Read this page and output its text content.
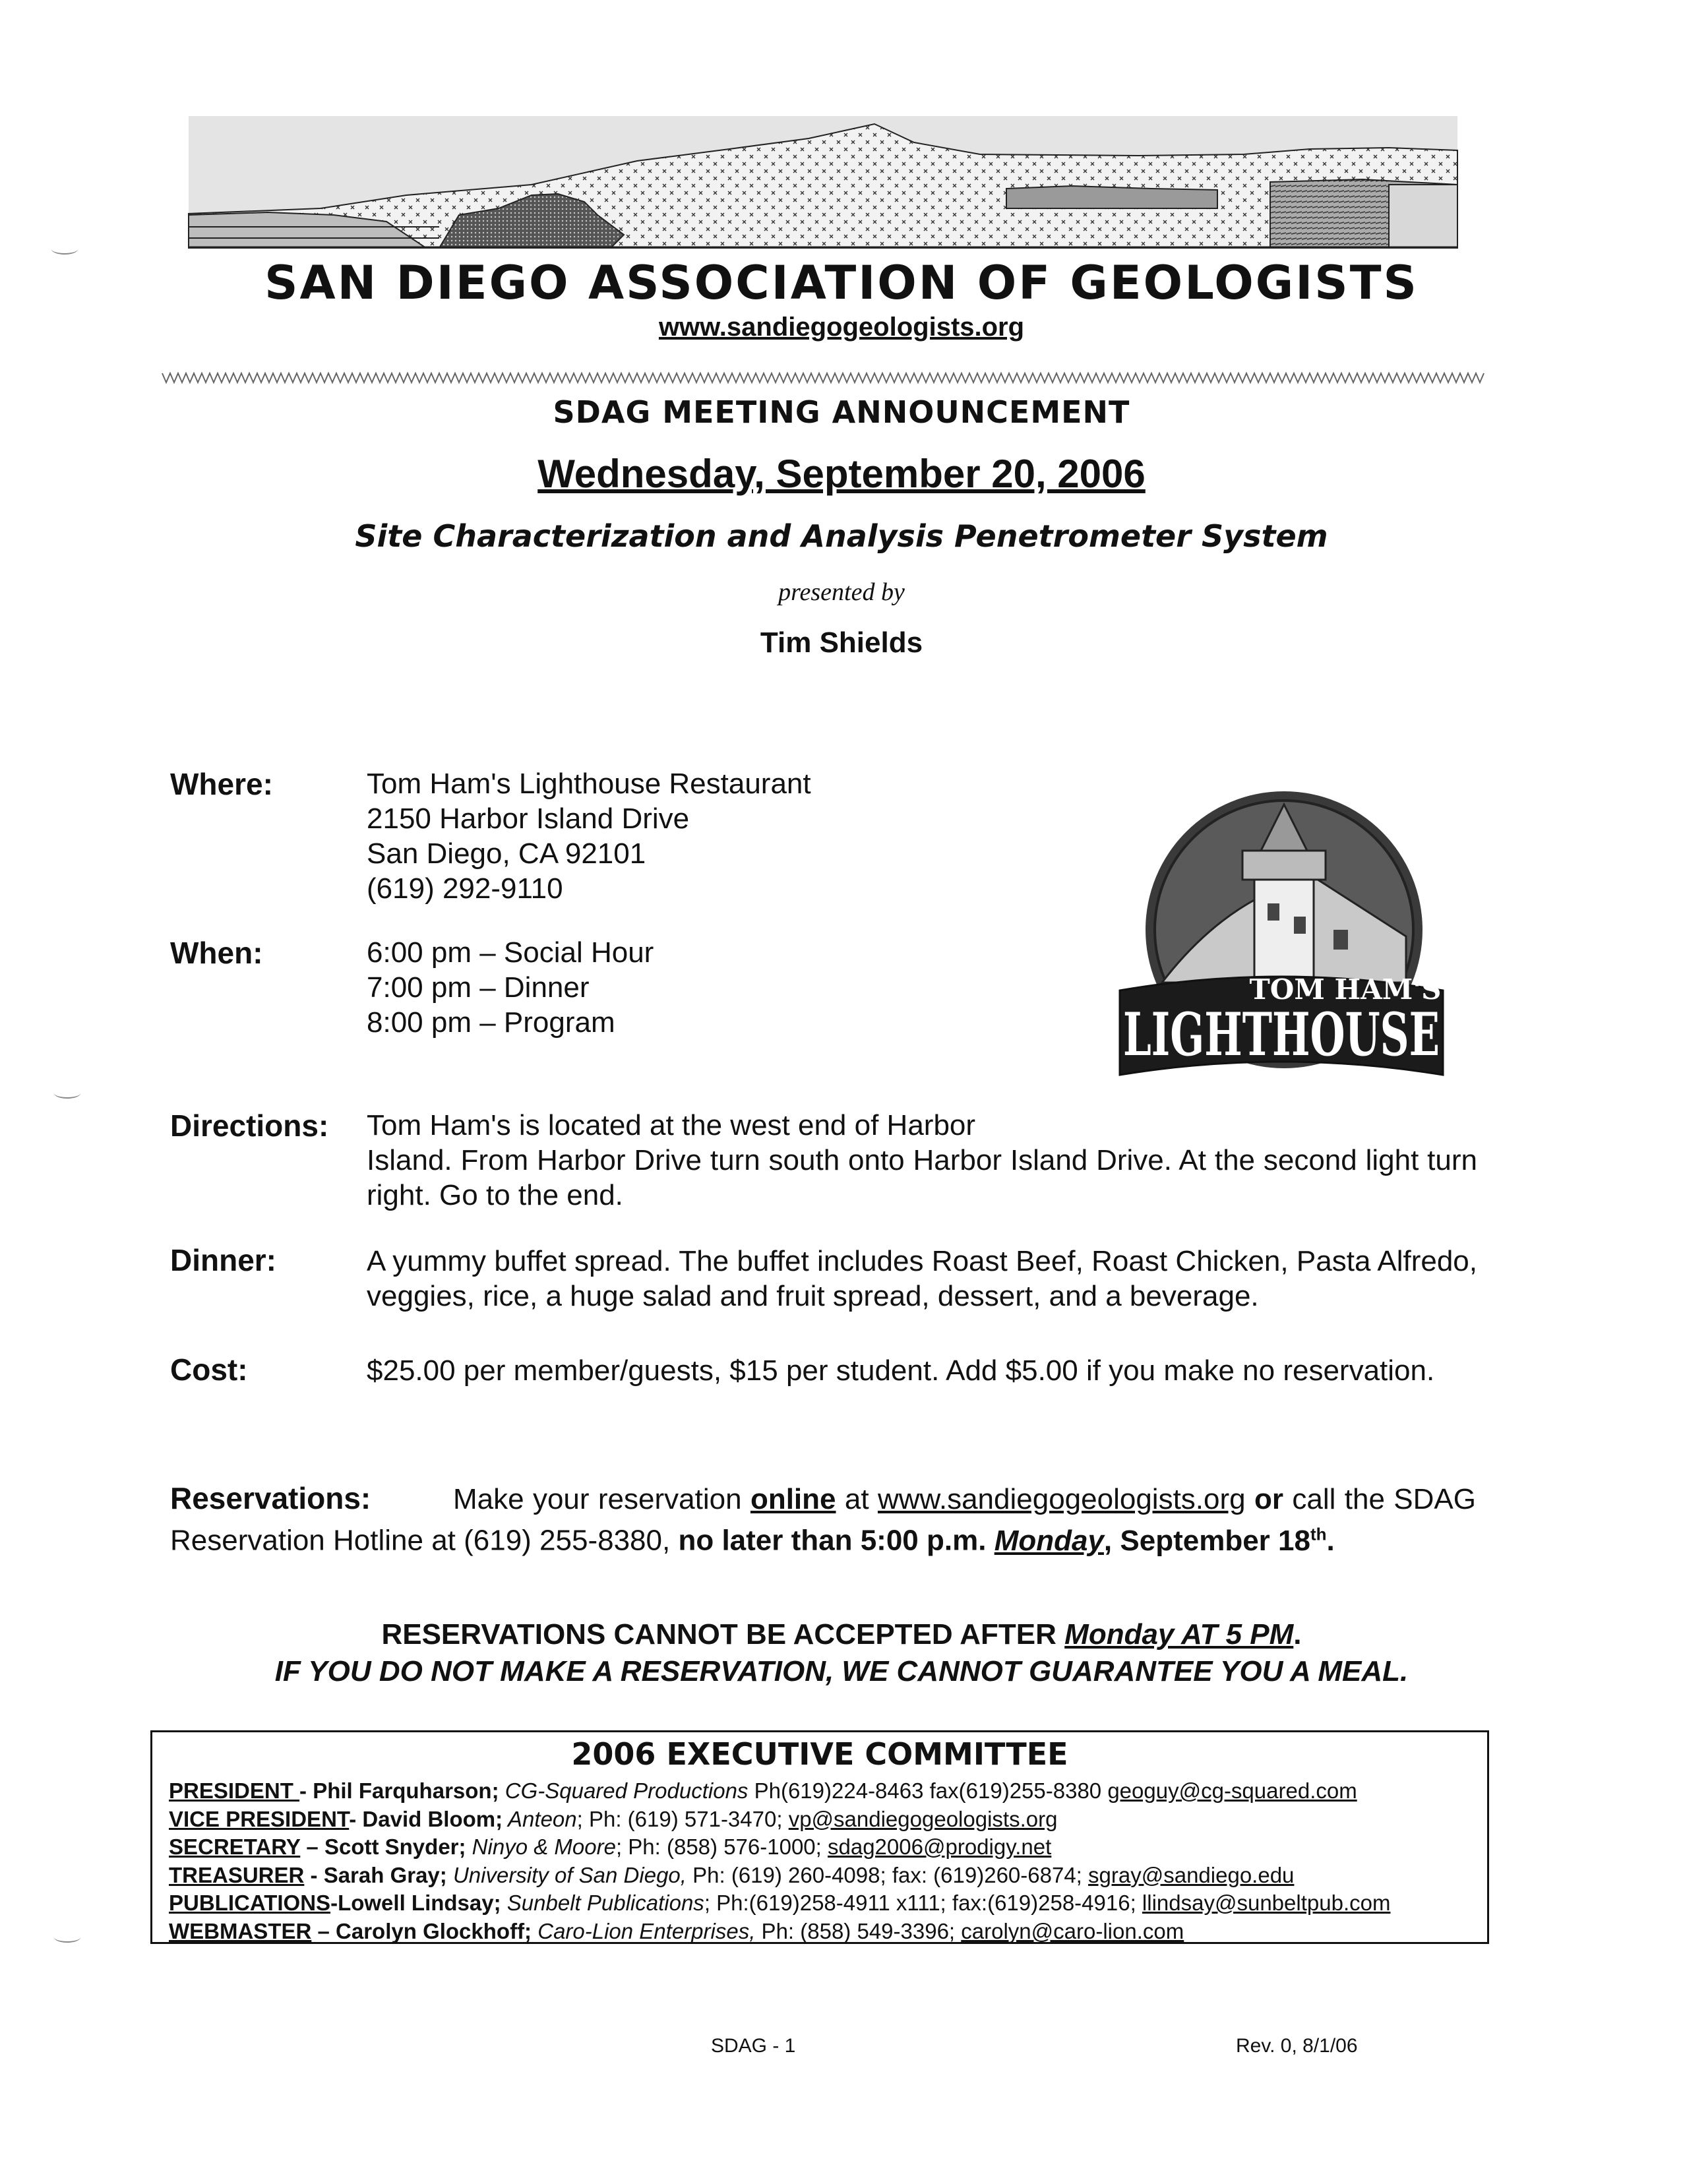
SAN DIEGO ASSOCIATION OF GEOLOGISTS
www.sandiegogeologists.org
SDAG MEETING ANNOUNCEMENT
Wednesday, September 20, 2006
Site Characterization and Analysis Penetrometer System
presented by
Tim Shields
Where:	Tom Ham's Lighthouse Restaurant
2150 Harbor Island Drive
San Diego, CA 92101
(619) 292-9110
When:	6:00 pm – Social Hour
7:00 pm – Dinner
8:00 pm – Program
TOM HAM'S
LIGHTHOUSE
Directions: Tom Ham's is located at the west end of Harbor
Island. From Harbor Drive turn south onto Harbor Island Drive. At the second light turn right. Go to the end.
Dinner:	A yummy buffet spread. The buffet includes Roast Beef, Roast Chicken, Pasta Alfredo, veggies, rice, a huge salad and fruit spread, dessert, and a beverage.
Cost:	$25.00 per member/guests, $15 per student. Add $5.00 if you make no reservation.
Reservations:	Make your reservation online at www.sandiegogeologists.org or call the SDAG Reservation Hotline at (619) 255-8380, no later than 5:00 p.m. Monday, September 18th.
RESERVATIONS CANNOT BE ACCEPTED AFTER Monday AT 5 PM.
IF YOU DO NOT MAKE A RESERVATION, WE CANNOT GUARANTEE YOU A MEAL.
2006 EXECUTIVE COMMITTEE
PRESIDENT - Phil Farquharson; CG-Squared Productions Ph(619)224-8463 fax(619)255-8380 geoguy@cg-squared.com
VICE PRESIDENT- David Bloom; Anteon; Ph: (619) 571-3470; vp@sandiegogeologists.org
SECRETARY – Scott Snyder; Ninyo & Moore; Ph: (858) 576-1000; sdag2006@prodigy.net
TREASURER - Sarah Gray; University of San Diego, Ph: (619) 260-4098; fax: (619)260-6874; sgray@sandiego.edu
PUBLICATIONS-Lowell Lindsay; Sunbelt Publications; Ph:(619)258-4911 x111; fax:(619)258-4916; llindsay@sunbeltpub.com
WEBMASTER – Carolyn Glockhoff; Caro-Lion Enterprises, Ph: (858) 549-3396; carolyn@caro-lion.com
SDAG - 1	Rev. 0, 8/1/06
